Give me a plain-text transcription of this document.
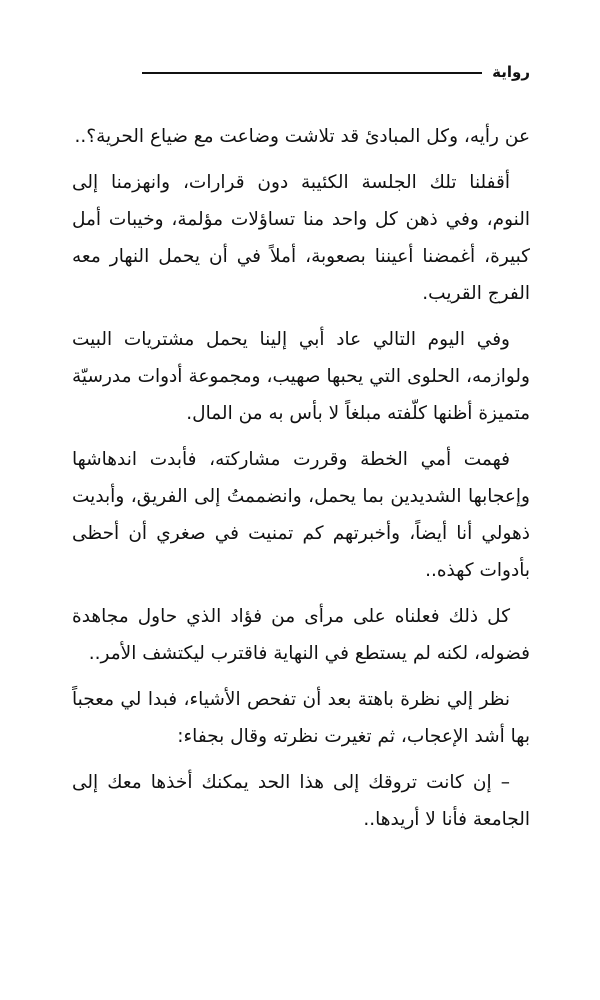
رواية

عن رأيه، وكل المبادئ قد تلاشت وضاعت مع ضياع الحرية؟..

أقفلنا تلك الجلسة الكئيبة دون قرارات، وانهزمنا إلى النوم، وفي ذهن كل واحد منا تساؤلات مؤلمة، وخيبات أمل كبيرة، أغمضنا أعيننا بصعوبة، أملاً في أن يحمل النهار معه الفرج القريب.

وفي اليوم التالي عاد أبي إلينا يحمل مشتريات البيت ولوازمه، الحلوى التي يحبها صهيب، ومجموعة أدوات مدرسيّة متميزة أظنها كلّفته مبلغاً لا بأس به من المال.

فهمت أمي الخطة وقررت مشاركته، فأبدت اندهاشها وإعجابها الشديدين بما يحمل، وانضممتُ إلى الفريق، وأبديت ذهولي أنا أيضاً، وأخبرتهم كم تمنيت في صغري أن أحظى بأدوات كهذه..

كل ذلك فعلناه على مرأى من فؤاد الذي حاول مجاهدة فضوله، لكنه لم يستطع في النهاية فاقترب ليكتشف الأمر..

نظر إلي نظرة باهتة بعد أن تفحص الأشياء، فبدا لي معجباً بها أشد الإعجاب، ثم تغيرت نظرته وقال بجفاء:

– إن كانت تروقك إلى هذا الحد يمكنك أخذها معك إلى الجامعة فأنا لا أريدها..
